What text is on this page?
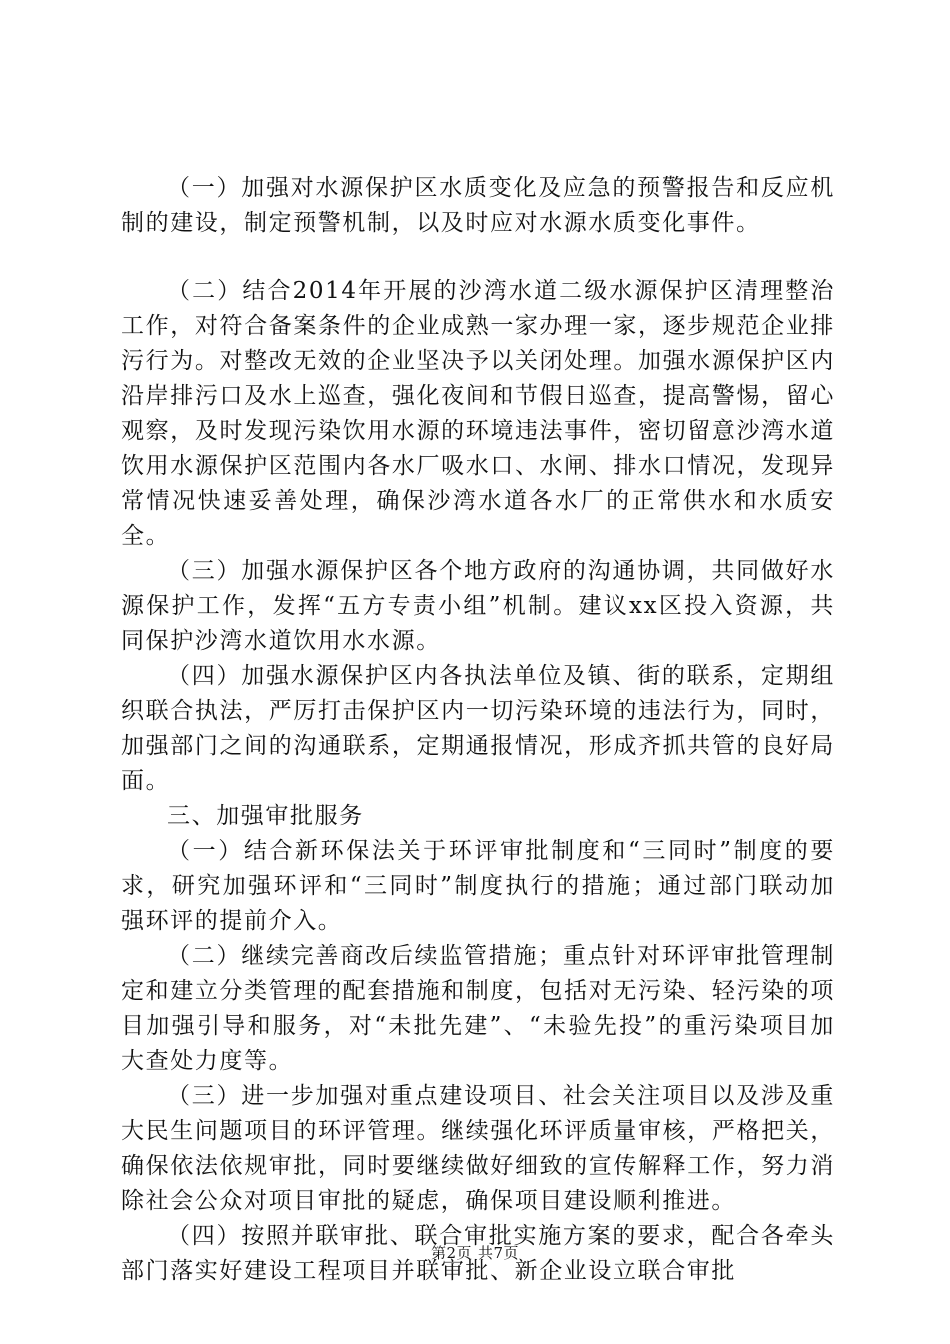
（一）加强对水源保护区水质变化及应急的预警报告和反应机制的建设，制定预警机制，以及时应对水源水质变化事件。

（二）结合2014年开展的沙湾水道二级水源保护区清理整治工作，对符合备案条件的企业成熟一家办理一家，逐步规范企业排污行为。对整改无效的企业坚决予以关闭处理。加强水源保护区内沿岸排污口及水上巡查，强化夜间和节假日巡查，提高警惕，留心观察，及时发现污染饮用水源的环境违法事件，密切留意沙湾水道饮用水源保护区范围内各水厂吸水口、水闸、排水口情况，发现异常情况快速妥善处理，确保沙湾水道各水厂的正常供水和水质安全。

（三）加强水源保护区各个地方政府的沟通协调，共同做好水源保护工作，发挥“五方专责小组”机制。建议xx区投入资源，共同保护沙湾水道饮用水水源。

（四）加强水源保护区内各执法单位及镇、街的联系，定期组织联合执法，严厉打击保护区内一切污染环境的违法行为，同时，加强部门之间的沟通联系，定期通报情况，形成齐抓共管的良好局面。

三、加强审批服务

（一）结合新环保法关于环评审批制度和“三同时”制度的要求，研究加强环评和“三同时”制度执行的措施；通过部门联动加强环评的提前介入。

（二）继续完善商改后续监管措施；重点针对环评审批管理制定和建立分类管理的配套措施和制度，包括对无污染、轻污染的项目加强引导和服务，对“未批先建”、“未验先投”的重污染项目加大查处力度等。

（三）进一步加强对重点建设项目、社会关注项目以及涉及重大民生问题项目的环评管理。继续强化环评质量审核，严格把关，确保依法依规审批，同时要继续做好细致的宣传解释工作，努力消除社会公众对项目审批的疑虑，确保项目建设顺利推进。

（四）按照并联审批、联合审批实施方案的要求，配合各牵头部门落实好建设工程项目并联审批、新企业设立联合审批

第2页 共7页
